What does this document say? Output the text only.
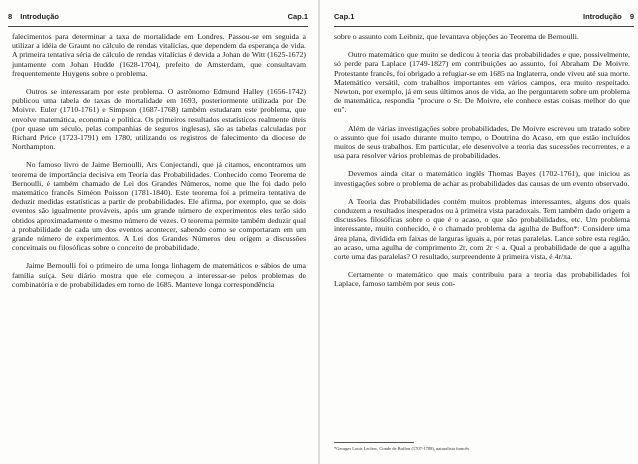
8 Introdução	Cap.1

falecimentos para determinar a taxa de mortalidade em Londres. Passou-se em seguida a utilizar a idéia de Graunt no cálculo de rendas vitalícias, que dependem da esperança de vida. A primeira tentativa séria de cálculo de rendas vitalícias é devida a Johan de Witt (1625-1672) juntamente com Johan Hudde (1628-1704), prefeito de Amsterdam, que consultavam frequentemente Huygens sobre o problema.

Outros se interessaram por este problema. O astrônomo Edmund Halley (1656-1742) publicou uma tabela de taxas de mortalidade em 1693, posteriormente utilizada por De Moivre. Euler (1710-1761) e Simpson (1687-1768) também estudaram este problema, que envolve matemática, economia e política. Os primeiros resultados estatísticos realmente úteis (por quase um século, pelas companhias de seguros inglesas), são as tabelas calculadas por Richard Price (1723-1791) em 1780, utilizando os registros de falecimento da diocese de Northampton.

No famoso livro de Jaime Bernoulli, Ars Conjectandi, que já citamos, encontramos um teorema de importância decisiva em Teoria das Probabilidades. Conhecido como Teorema de Bernoulli, é também chamado de Lei dos Grandes Números, nome que lhe foi dado pelo matemático francês Siméon Poisson (1781-1840). Este teorema foi a primeira tentativa de deduzir medidas estatísticas a partir de probabilidades. Ele afirma, por exemplo, que se dois eventos são igualmente prováveis, após um grande número de experimentos eles terão sido obtidos aproximadamente o mesmo número de vezes. O teorema permite também deduzir qual a probabilidade de cada um dos eventos acontecer, sabendo como se comportaram em um grande número de experimentos. A Lei dos Grandes Números deu origem a discussões conceituais ou filosóficas sobre o conceito de probabilidade.

Jaime Bernoulli foi o primeiro de uma longa linhagem de matemáticos e sábios de uma família suíça. Seu diário mostra que ele começou a interessar-se pelos problemas de combinatória e de probabilidades em torno de 1685. Manteve longa correspondência

Cap.1	Introdução 9

sobre o assunto com Leibniz, que levantava objeções ao Teorema de Bernoulli.

Outro matemático que muito se dedicou à teoria das probabilidades e que, possivelmente, só perde para Laplace (1749-1827) em contribuições ao assunto, foi Abraham De Moivre. Protestante francês, foi obrigado a refugiar-se em 1685 na Inglaterra, onde viveu até sua morte. Matemático versátil, com trabalhos importantes em vários campos, era muito respeitado. Newton, por exemplo, já em seus últimos anos de vida, ao lhe perguntarem sobre um problema de matemática, respondia "procure o Sr. De Moivre, ele conhece estas coisas melhor do que eu".

Além de várias investigações sobre probabilidades, De Moivre escreveu um tratado sobre o assunto que foi usado durante muito tempo, o Doutrina do Acaso, em que estão incluídos muitos de seus trabalhos. Em particular, ele desenvolve a teoria das sucessões recorrentes, e a usa para resolver vários problemas de probabilidades.

Devemos ainda citar o matemático inglês Thomas Bayes (1702-1761), que iniciou as investigações sobre o problema de achar as probabilidades das causas de um evento observado.

A Teoria das Probabilidades contém muitos problemas interessantes, alguns dos quais conduzem a resultados inesperados ou à primeira vista paradoxais. Tem também dado origem a discussões filosóficas sobre o que é o acaso, o que são probabilidades, etc. Um problema interessante, muito conhecido, é o chamado problema da agulha de Buffon*: Considere uma área plana, dividida em faixas de larguras iguais a, por retas paralelas. Lance sobre esta região, ao acaso, uma agulha de comprimento 2r, com 2r < a. Qual a probabilidade de que a agulha corte uma das paralelas? O resultado, surpreendente à primeira vista, é 4r/πa.

Certamente o matemático que mais contribuiu para a teoria das probabilidades foi Laplace, famoso também por seus con-

*Georges Louis Leclerc, Conde de Buffon (1707-1788), naturalista francês
